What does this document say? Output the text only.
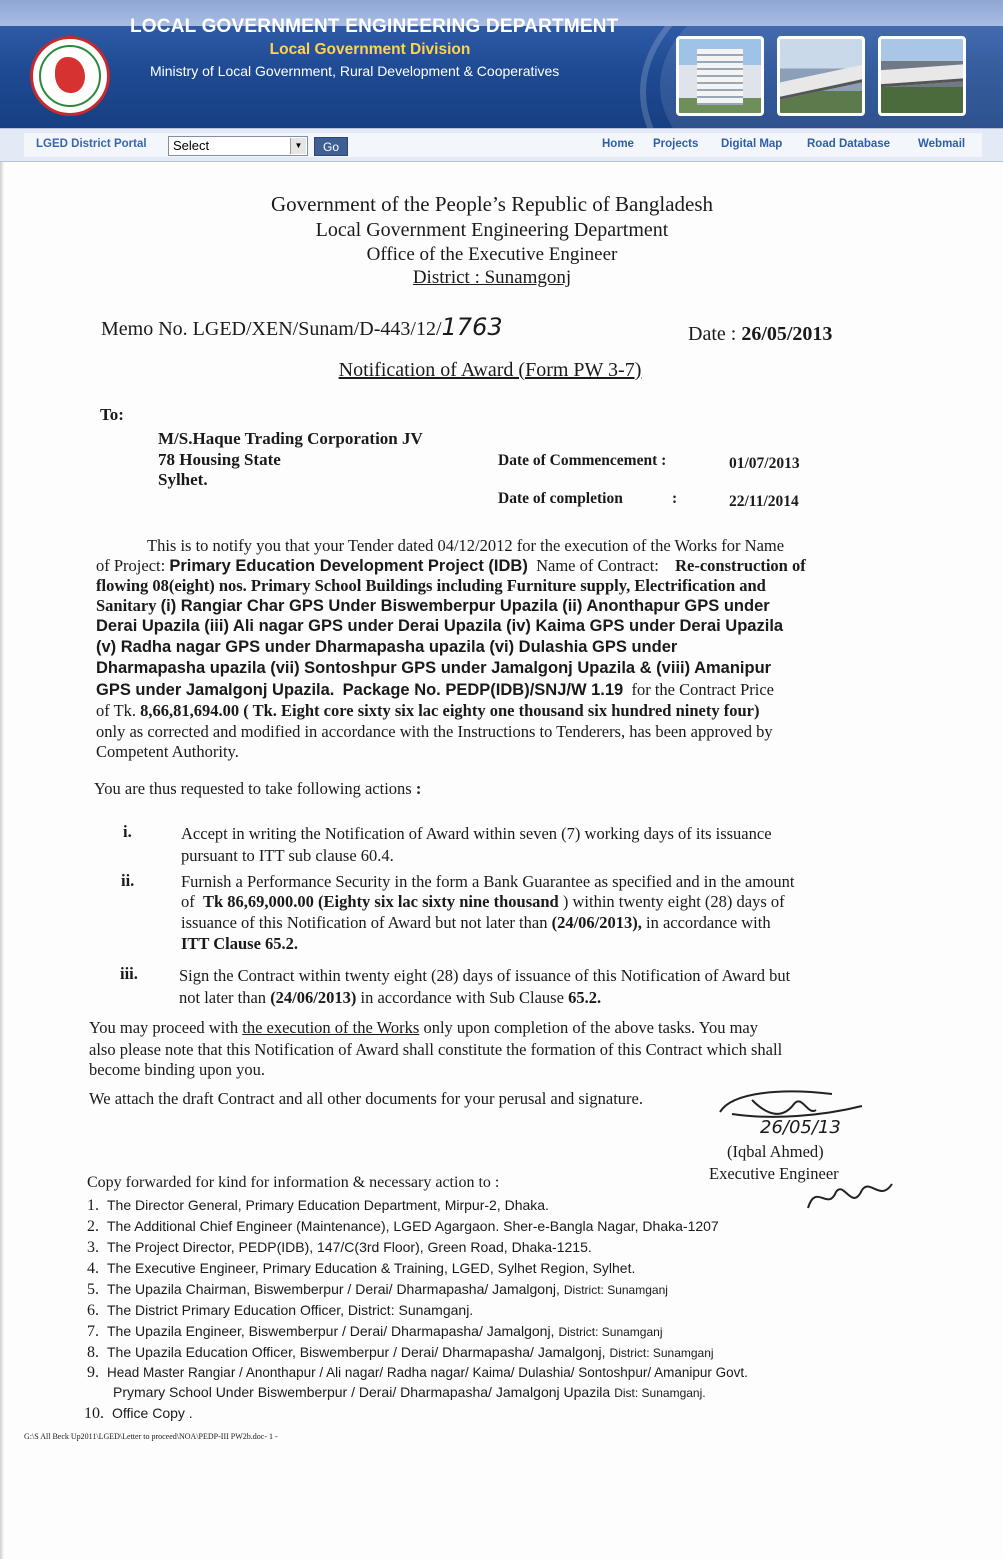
LOCAL GOVERNMENT ENGINEERING DEPARTMENT
Local Government Division
Ministry of Local Government, Rural Development & Cooperatives
LGED District Portal	Select	▼	Go	Home Projects Digital Map Road Database Webmail
Government of the People’s Republic of Bangladesh
Local Government Engineering Department
Office of the Executive Engineer
District : Sunamgonj
Memo No. LGED/XEN/Sunam/D-443/12/1763	Date : 26/05/2013
Notification of Award (Form PW 3-7)
To:
M/S.Haque Trading Corporation JV
78 Housing State
Sylhet.
Date of Commencement :	01/07/2013
Date of completion	:	22/11/2014
This is to notify you that your Tender dated 04/12/2012 for the execution of the Works for Name
of Project: Primary Education Development Project (IDB) Name of Contract: Re-construction of
flowing 08(eight) nos. Primary School Buildings including Furniture supply, Electrification and
Sanitary (i) Rangiar Char GPS Under Biswemberpur Upazila (ii) Anonthapur GPS under
Derai Upazila (iii) Ali nagar GPS under Derai Upazila (iv) Kaima GPS under Derai Upazila
(v) Radha nagar GPS under Dharmapasha upazila (vi) Dulashia GPS under
Dharmapasha upazila (vii) Sontoshpur GPS under Jamalgonj Upazila & (viii) Amanipur
GPS under Jamalgonj Upazila. Package No. PEDP(IDB)/SNJ/W 1.19 for the Contract Price
of Tk. 8,66,81,694.00 ( Tk. Eight core sixty six lac eighty one thousand six hundred ninety four)
only as corrected and modified in accordance with the Instructions to Tenderers, has been approved by
Competent Authority.
You are thus requested to take following actions :
i.	Accept in writing the Notification of Award within seven (7) working days of its issuance
pursuant to ITT sub clause 60.4.
ii.	Furnish a Performance Security in the form a Bank Guarantee as specified and in the amount
of Tk 86,69,000.00 (Eighty six lac sixty nine thousand ) within twenty eight (28) days of
issuance of this Notification of Award but not later than (24/06/2013), in accordance with
ITT Clause 65.2.
iii. Sign the Contract within twenty eight (28) days of issuance of this Notification of Award but
not later than (24/06/2013) in accordance with Sub Clause 65.2.
You may proceed with the execution of the Works only upon completion of the above tasks. You may
also please note that this Notification of Award shall constitute the formation of this Contract which shall
become binding upon you.
We attach the draft Contract and all other documents for your perusal and signature.
26/05/13
(Iqbal Ahmed)
Executive Engineer
Copy forwarded for kind for information & necessary action to :
1. The Director General, Primary Education Department, Mirpur-2, Dhaka.
2. The Additional Chief Engineer (Maintenance), LGED Agargaon. Sher-e-Bangla Nagar, Dhaka-1207
3. The Project Director, PEDP(IDB), 147/C(3rd Floor), Green Road, Dhaka-1215.
4. The Executive Engineer, Primary Education & Training, LGED, Sylhet Region, Sylhet.
5. The Upazila Chairman, Biswemberpur / Derai/ Dharmapasha/ Jamalgonj, District: Sunamganj
6. The District Primary Education Officer, District: Sunamganj.
7. The Upazila Engineer, Biswemberpur / Derai/ Dharmapasha/ Jamalgonj, District: Sunamganj
8. The Upazila Education Officer, Biswemberpur / Derai/ Dharmapasha/ Jamalgonj, District: Sunamganj
9. Head Master Rangiar / Anonthapur / Ali nagar/ Radha nagar/ Kaima/ Dulashia/ Sontoshpur/ Amanipur Govt.
Prymary School Under Biswemberpur / Derai/ Dharmapasha/ Jamalgonj Upazila Dist: Sunamganj.
10. Office Copy .
G:\S All Beck Up2011\LGED\Letter to proceed\NOA\PEDP-III PW2b.doc- 1 -
